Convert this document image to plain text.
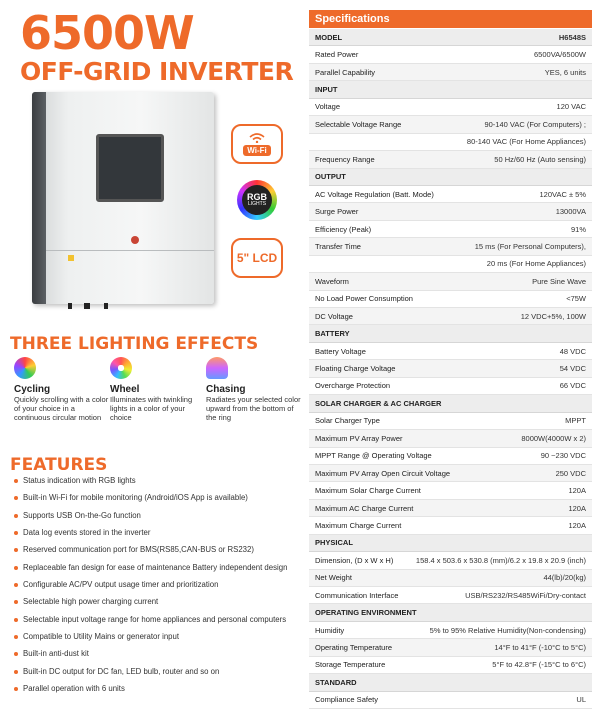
6500W
OFF-GRID INVERTER
Wi-Fi
RGB
LIGHTS
5" LCD
THREE LIGHTING EFFECTS
Cycling
Quickly scrolling with a color of your choice in a continuous circular motion
Wheel
Illuminates with twinkling lights in a color of your choice
Chasing
Radiates your selected color upward from the bottom of the ring
FEATURES
Status indication with RGB lights
Built-in Wi-Fi for mobile monitoring (Android/iOS App is available)
Supports USB On-the-Go function
Data log events stored in the inverter
Reserved communication port for BMS(RS85,CAN-BUS or RS232)
Replaceable fan design for ease of maintenance Battery independent design
Configurable AC/PV output usage timer and prioritization
Selectable high power charging current
Selectable input voltage range for home appliances and personal computers
Compatible to Utility Mains or generator input
Built-in anti-dust kit
Built-in DC output for DC fan, LED bulb, router and so on
Parallel operation with 6 units
Specifications
MODEL	H6548S
Rated Power	6500VA/6500W
Parallel Capability	YES, 6 units
INPUT
Voltage	120 VAC
Selectable Voltage Range	90-140 VAC (For Computers) ;
80-140 VAC (For Home Appliances)
Frequency Range	50 Hz/60 Hz (Auto sensing)
OUTPUT
AC Voltage Regulation (Batt. Mode)	120VAC ± 5%
Surge Power	13000VA
Efficiency (Peak)	91%
Transfer Time	15 ms (For Personal Computers),
20 ms (For Home Appliances)
Waveform	Pure Sine Wave
No Load Power Consumption	<75W
DC Voltage	12 VDC+5%, 100W
BATTERY
Battery Voltage	48 VDC
Floating Charge Voltage	54 VDC
Overcharge Protection	66 VDC
SOLAR CHARGER & AC CHARGER
Solar Charger Type	MPPT
Maximum PV Array Power	8000W(4000W x 2)
MPPT Range @ Operating Voltage	90 ~230 VDC
Maximum PV Array Open Circuit Voltage	250 VDC
Maximum Solar Charge Current	120A
Maximum AC Charge Current	120A
Maximum Charge Current	120A
PHYSICAL
Dimension, (D x W x H)	158.4 x 503.6 x 530.8 (mm)/6.2 x 19.8 x 20.9 (inch)
Net Weight	44(lb)/20(kg)
Communication Interface	USB/RS232/RS485WiFi/Dry-contact
OPERATING ENVIRONMENT
Humidity	5% to 95% Relative Humidity(Non-condensing)
Operating Temperature	14°F to 41°F (-10°C to 5°C)
Storage Temperature	5°F to 42.8°F (-15°C to 6°C)
STANDARD
Compliance Safety	UL
